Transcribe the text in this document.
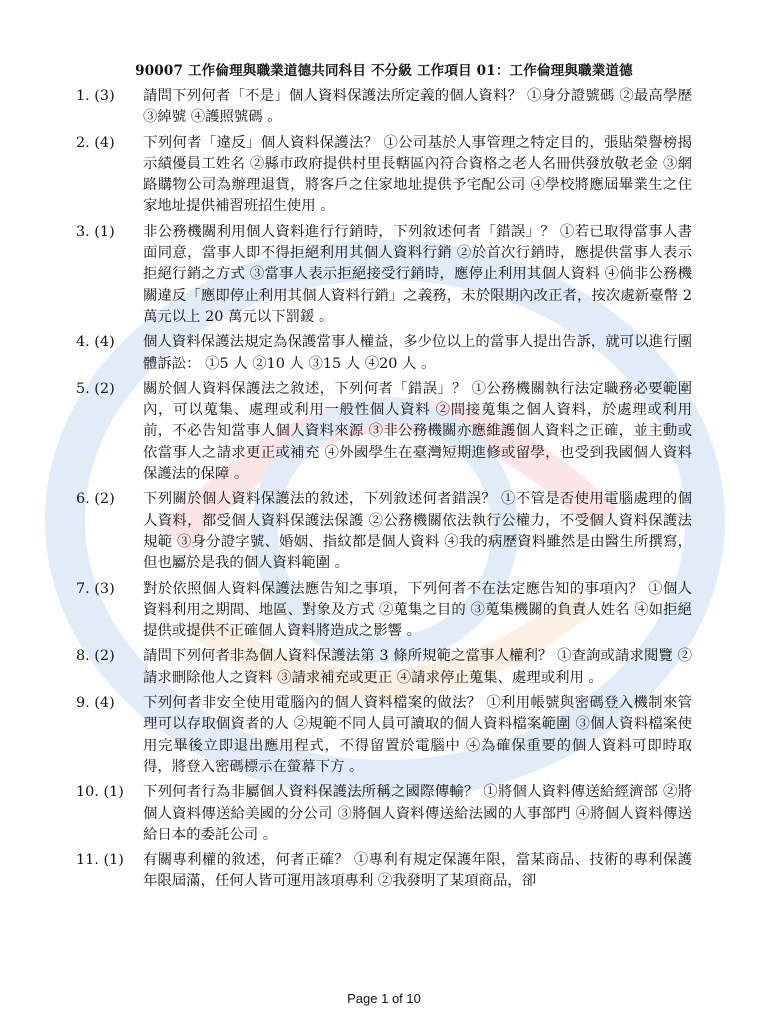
90007 工作倫理與職業道德共同科目 不分級 工作項目 01：工作倫理與職業道德
1. (3)	請問下列何者「不是」個人資料保護法所定義的個人資料？ ①身分證號碼 ②最高學歷 ③綽號 ④護照號碼 。
2. (4)	下列何者「違反」個人資料保護法？ ①公司基於人事管理之特定目的，張貼榮譽榜揭示績優員工姓名 ②縣市政府提供村里長轄區內符合資格之老人名冊供發放敬老金 ③網路購物公司為辦理退貨，將客戶之住家地址提供予宅配公司 ④學校將應屆畢業生之住家地址提供補習班招生使用 。
3. (1)	非公務機關利用個人資料進行行銷時，下列敘述何者「錯誤」？ ①若已取得當事人書面同意，當事人即不得拒絕利用其個人資料行銷 ②於首次行銷時，應提供當事人表示拒絕行銷之方式 ③當事人表示拒絕接受行銷時，應停止利用其個人資料 ④倘非公務機關違反「應即停止利用其個人資料行銷」之義務，未於限期內改正者，按次處新臺幣 2 萬元以上 20 萬元以下罰鍰 。
4. (4)	個人資料保護法規定為保護當事人權益，多少位以上的當事人提出告訴，就可以進行團體訴訟： ①5 人 ②10 人 ③15 人 ④20 人 。
5. (2)	關於個人資料保護法之敘述，下列何者「錯誤」？ ①公務機關執行法定職務必要範圍內，可以蒐集、處理或利用一般性個人資料 ②間接蒐集之個人資料，於處理或利用前，不必告知當事人個人資料來源 ③非公務機關亦應維護個人資料之正確，並主動或依當事人之請求更正或補充 ④外國學生在臺灣短期進修或留學，也受到我國個人資料保護法的保障 。
6. (2)	下列關於個人資料保護法的敘述，下列敘述何者錯誤？ ①不管是否使用電腦處理的個人資料，都受個人資料保護法保護 ②公務機關依法執行公權力，不受個人資料保護法規範 ③身分證字號、婚姻、指紋都是個人資料 ④我的病歷資料雖然是由醫生所撰寫，但也屬於是我的個人資料範圍 。
7. (3)	對於依照個人資料保護法應告知之事項，下列何者不在法定應告知的事項內？ ①個人資料利用之期間、地區、對象及方式 ②蒐集之目的 ③蒐集機關的負責人姓名 ④如拒絕提供或提供不正確個人資料將造成之影響 。
8. (2)	請問下列何者非為個人資料保護法第 3 條所規範之當事人權利？ ①查詢或請求閱覽 ②請求刪除他人之資料 ③請求補充或更正 ④請求停止蒐集、處理或利用 。
9. (4)	下列何者非安全使用電腦內的個人資料檔案的做法？ ①利用帳號與密碼登入機制來管理可以存取個資者的人 ②規範不同人員可讀取的個人資料檔案範圍 ③個人資料檔案使用完畢後立即退出應用程式，不得留置於電腦中 ④為確保重要的個人資料可即時取得，將登入密碼標示在螢幕下方 。
10. (1)	下列何者行為非屬個人資料保護法所稱之國際傳輸？ ①將個人資料傳送給經濟部 ②將個人資料傳送給美國的分公司 ③將個人資料傳送給法國的人事部門 ④將個人資料傳送給日本的委託公司 。
11. (1)	有關專利權的敘述，何者正確？ ①專利有規定保護年限，當某商品、技術的專利保護年限屆滿，任何人皆可運用該項專利 ②我發明了某項商品，卻
Page 1 of 10
